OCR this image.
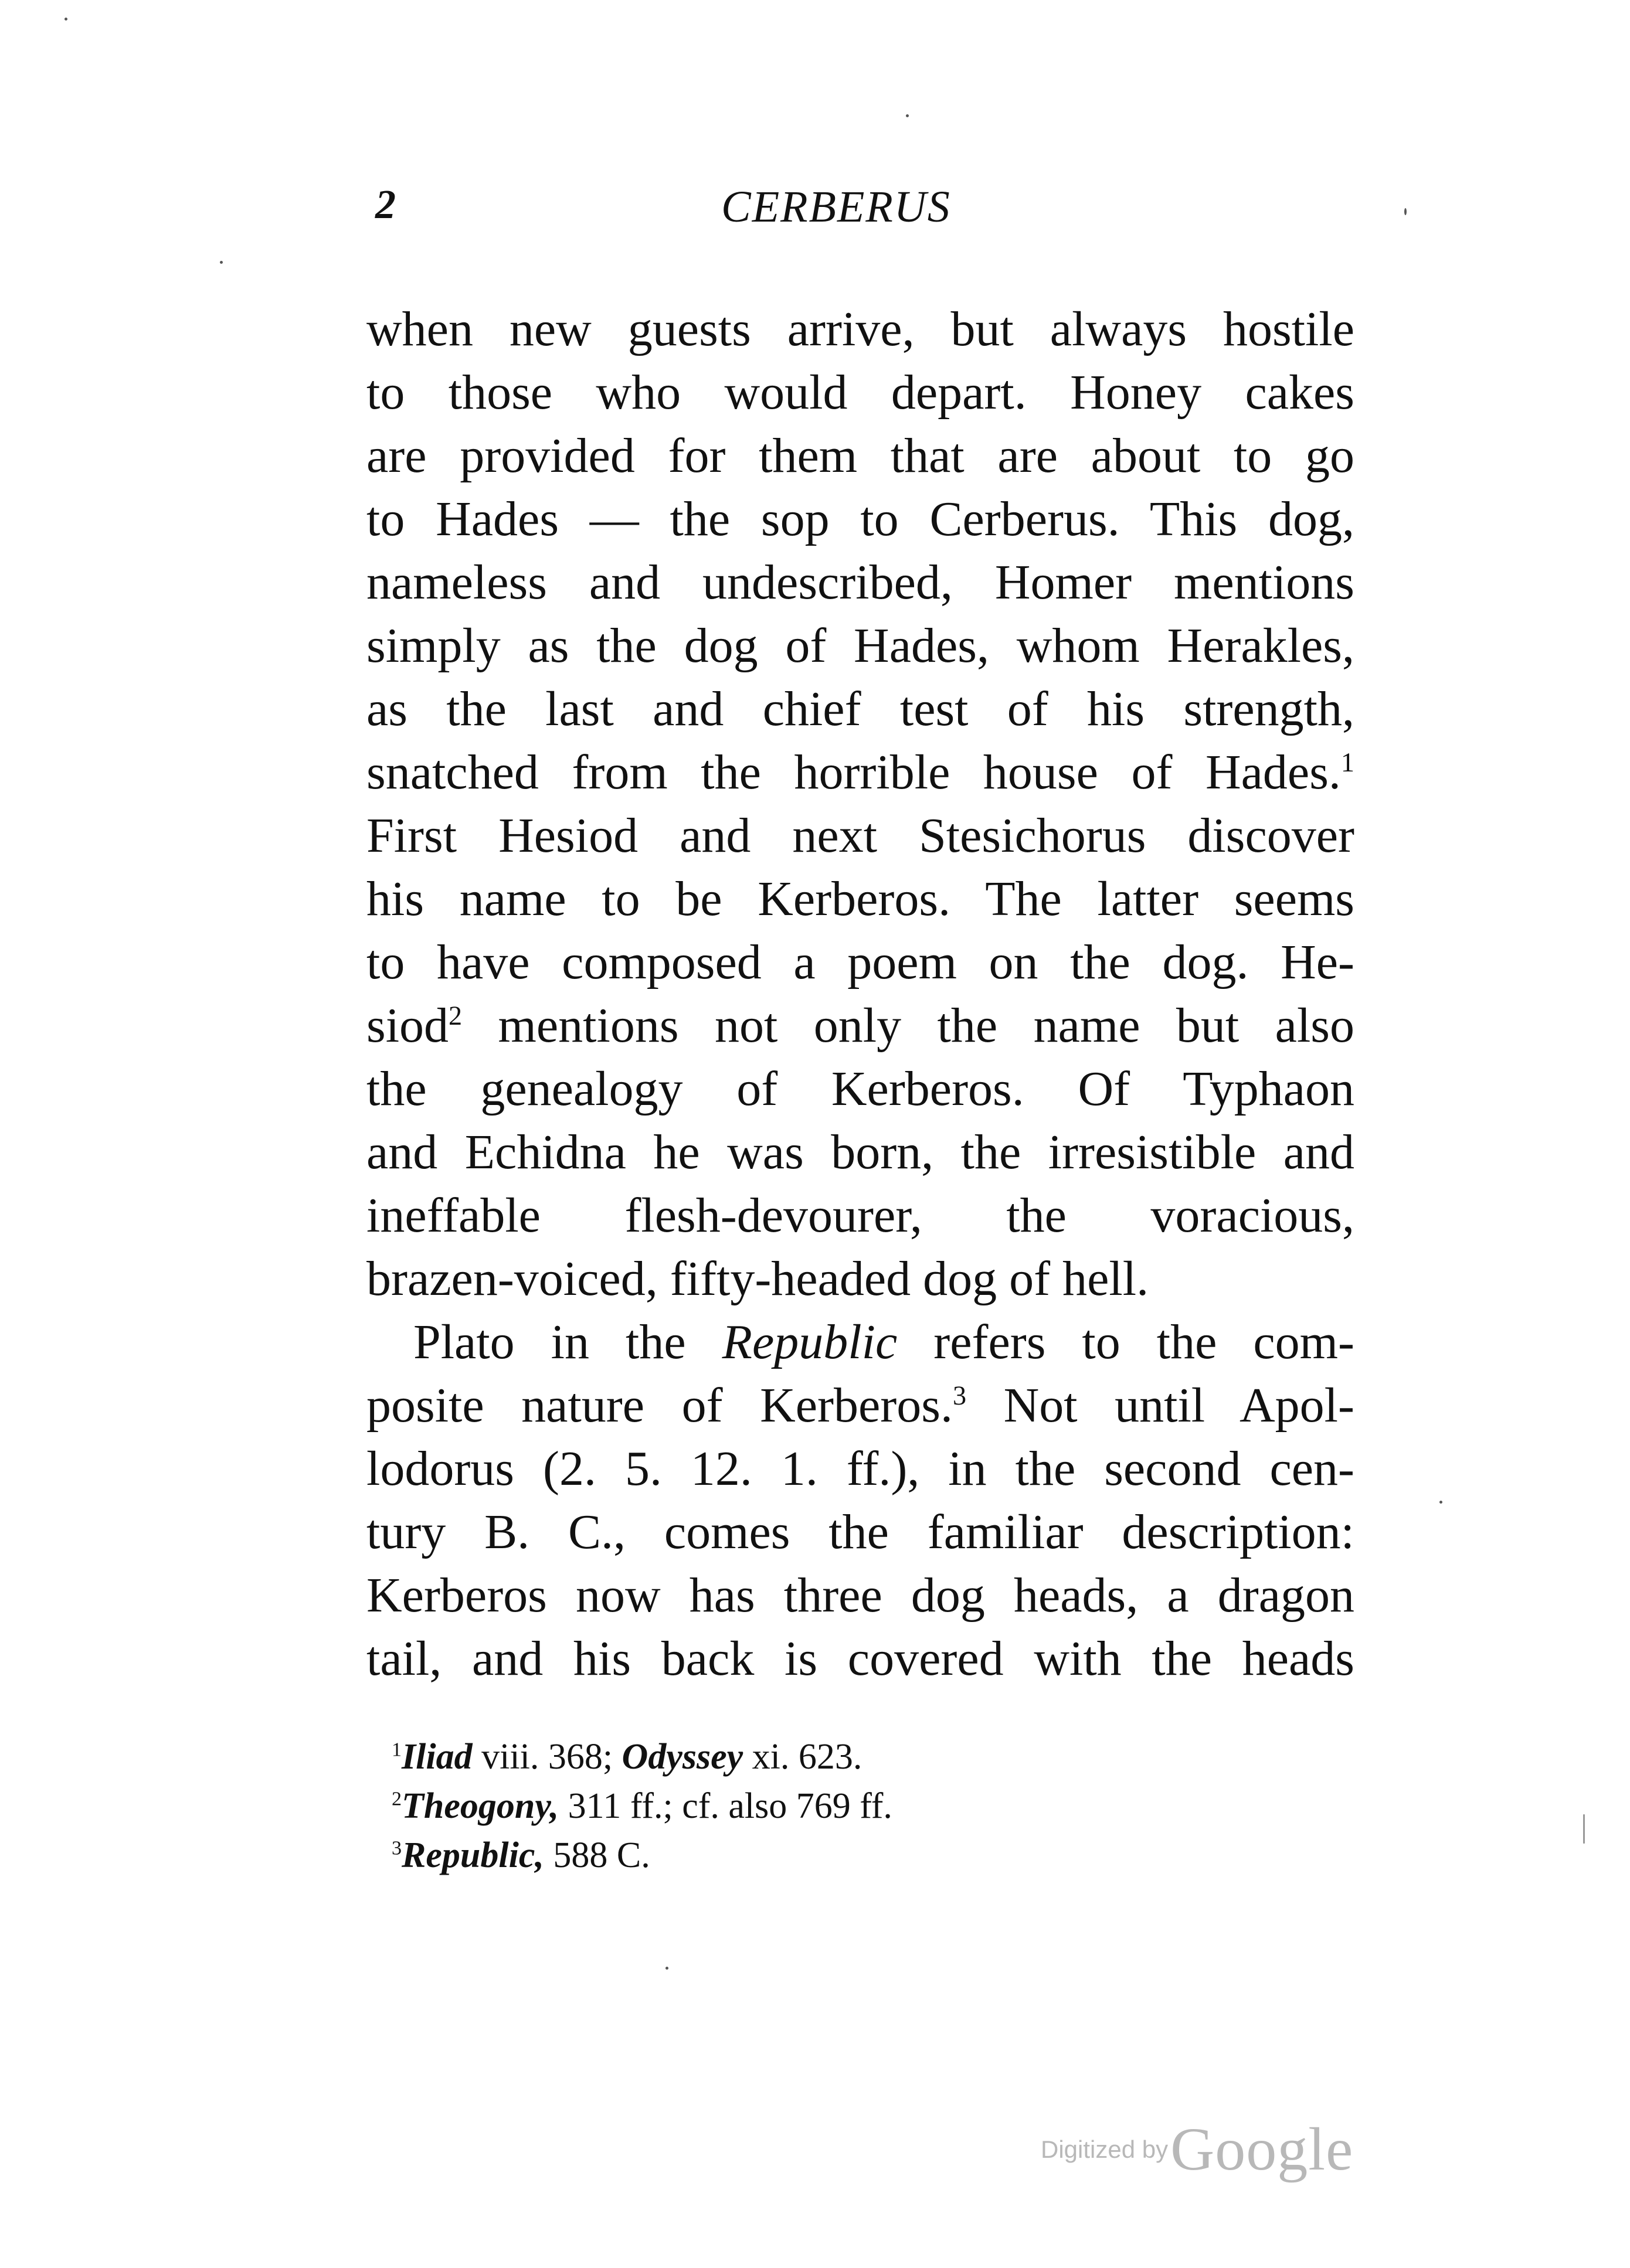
2	CERBERUS
when new guests arrive, but always hostile
to those who would depart. Honey cakes
are provided for them that are about to go
to Hades — the sop to Cerberus. This dog,
nameless and undescribed, Homer mentions
simply as the dog of Hades, whom Herakles,
as the last and chief test of his strength,
snatched from the horrible house of Hades.$^1$
First Hesiod and next Stesichorus discover
his name to be Kerberos. The latter seems
to have composed a poem on the dog. He-
siod$^2$ mentions not only the name but also
the genealogy of Kerberos. Of Typhaon
and Echidna he was born, the irresistible and
ineffable flesh-devourer, the voracious,
brazen-voiced, fifty-headed dog of hell.
Plato in the Republic refers to the com-
posite nature of Kerberos.$^3$ Not until Apol-
lodorus (2. 5. 12. 1. ff.), in the second cen-
tury B. C., comes the familiar description:
Kerberos now has three dog heads, a dragon
tail, and his back is covered with the heads
$^1$Iliad viii. 368; Odyssey xi. 623.
$^2$Theogony, 311 ff.; cf. also 769 ff.
$^3$Republic, 588 C.
Digitized by Google
